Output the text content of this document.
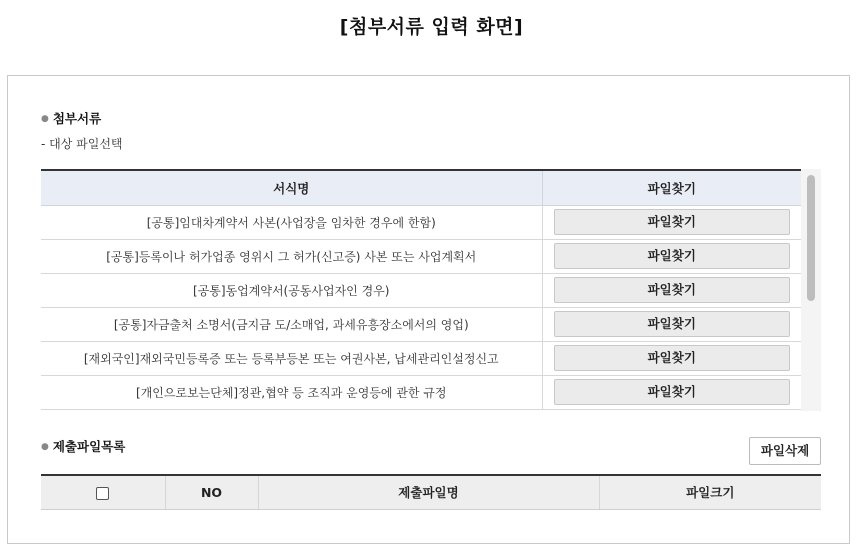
[첨부서류 입력 화면]
● 첨부서류
- 대상 파일선택
서식명	파일찾기
[공통]임대차계약서 사본(사업장을 임차한 경우에 한함)	파일찾기
[공통]등록이나 허가업종 영위시 그 허가(신고증) 사본 또는 사업계획서	파일찾기
[공통]동업계약서(공동사업자인 경우)	파일찾기
[공통]자금출처 소명서(금지금 도/소매업, 과세유흥장소에서의 영업)	파일찾기
[재외국인]재외국민등록증 또는 등록부등본 또는 여권사본, 납세관리인설정신고	파일찾기
[개인으로보는단체]정관,협약 등 조직과 운영등에 관한 규정	파일찾기
● 제출파일목록	파일삭제
	NO	제출파일명	파일크기
